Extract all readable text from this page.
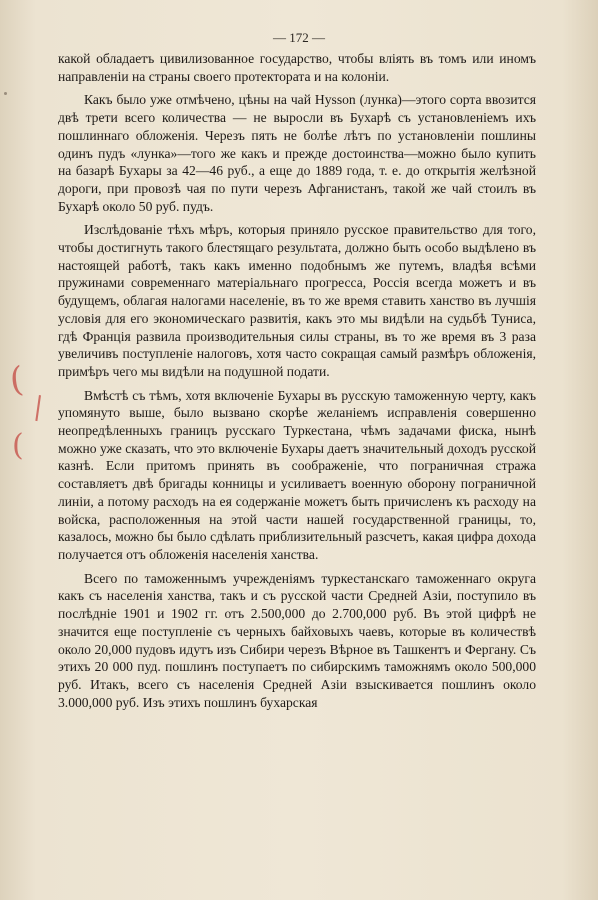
— 172 —

какой обладаетъ цивилизованное государство, чтобы вліять въ томъ или иномъ направленіи на страны своего протектората и на колоніи.

Какъ было уже отмѣчено, цѣны на чай Hysson (лунка)—этого сорта ввозится двѣ трети всего количества — не выросли въ Бухарѣ съ установленіемъ ихъ пошлиннаго обложенія. Черезъ пять не болѣе лѣтъ по установленіи пошлины одинъ пудъ «лунка»—того же какъ и прежде достоинства—можно было купить на базарѣ Бухары за 42—46 руб., а еще до 1889 года, т. е. до открытія желѣзной дороги, при провозѣ чая по пути черезъ Афганистанъ, такой же чай стоилъ въ Бухарѣ около 50 руб. пудъ.

Изслѣдованіе тѣхъ мѣръ, которыя приняло русское правительство для того, чтобы достигнуть такого блестящаго результата, должно быть особо выдѣлено въ настоящей работѣ, такъ какъ именно подобнымъ же путемъ, владѣя всѣми пружинами современнаго матеріальнаго прогресса, Россія всегда можетъ и въ будущемъ, облагая налогами населеніе, въ то же время ставить ханство въ лучшія условія для его экономическаго развитія, какъ это мы видѣли на судьбѣ Туниса, гдѣ Франція развила производительныя силы страны, въ то же время въ 3 раза увеличивъ поступленіе налоговъ, хотя часто сокращая самый размѣръ обложенія, примѣръ чего мы видѣли на подушной подати.

Вмѣстѣ съ тѣмъ, хотя включеніе Бухары въ русскую таможенную черту, какъ упомянуто выше, было вызвано скорѣе желаніемъ исправленія совершенно неопредѣленныхъ границъ русскаго Туркестана, чѣмъ задачами фиска, нынѣ можно уже сказать, что это включеніе Бухары даетъ значительный доходъ русской казнѣ. Если притомъ принять въ соображеніе, что пограничная стража составляетъ двѣ бригады конницы и усиливаетъ военную оборону пограничной линіи, а потому расходъ на ея содержаніе можетъ быть причисленъ къ расходу на войска, расположенныя на этой части нашей государственной границы, то, казалось, можно бы было сдѣлать приблизительный разсчетъ, какая цифра дохода получается отъ обложенія населенія ханства.

Всего по таможеннымъ учрежденіямъ туркестанскаго таможеннаго округа какъ съ населенія ханства, такъ и съ русской части Средней Азіи, поступило въ послѣдніе 1901 и 1902 гг. отъ 2.500,000 до 2.700,000 руб. Въ этой цифрѣ не значится еще поступленіе съ черныхъ байховыхъ чаевъ, которые въ количествѣ около 20,000 пудовъ идутъ изъ Сибири черезъ Вѣрное въ Ташкентъ и Фергану. Съ этихъ 20 000 пуд. пошлинъ поступаетъ по сибирскимъ таможнямъ около 500,000 руб. Итакъ, всего съ населенія Средней Азіи взыскивается пошлинъ около 3.000,000 руб. Изъ этихъ пошлинъ бухарская

(
|
(
